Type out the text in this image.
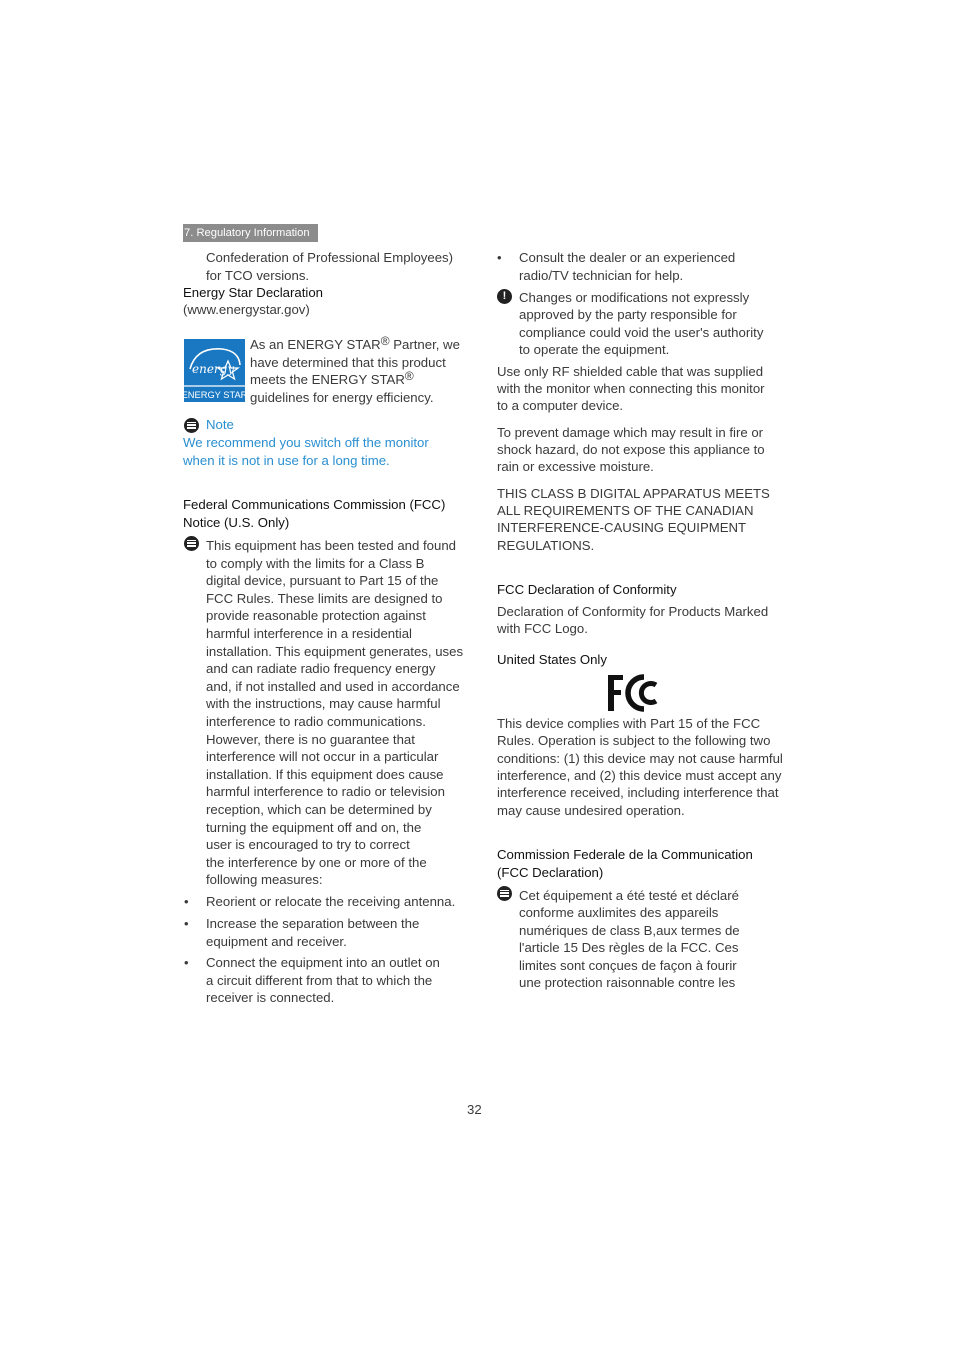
7. Regulatory Information
Confederation of Professional Employees)
for TCO versions.
Energy Star Declaration
(www.energystar.gov)
energy
ENERGY STAR
As an ENERGY STAR® Partner, we
have determined that this product
meets the ENERGY STAR®
guidelines for energy efficiency.
Note
We recommend you switch off the monitor
when it is not in use for a long time.
Federal Communications Commission (FCC)
Notice (U.S. Only)
This equipment has been tested and found
to comply with the limits for a Class B
digital device, pursuant to Part 15 of the
FCC Rules. These limits are designed to
provide reasonable protection against
harmful interference in a residential
installation. This equipment generates, uses
and can radiate radio frequency energy
and, if not installed and used in accordance
with the instructions, may cause harmful
interference to radio communications.
However, there is no guarantee that
interference will not occur in a particular
installation. If this equipment does cause
harmful interference to radio or television
reception, which can be determined by
turning the equipment off and on, the
user is encouraged to try to correct
the interference by one or more of the
following measures:
•	Reorient or relocate the receiving antenna.
•	Increase the separation between the
equipment and receiver.
•	Connect the equipment into an outlet on
a circuit different from that to which the
receiver is connected.
•	Consult the dealer or an experienced
radio/TV technician for help.
! Changes or modifications not expressly
approved by the party responsible for
compliance could void the user's authority
to operate the equipment.
Use only RF shielded cable that was supplied
with the monitor when connecting this monitor
to a computer device.
To prevent damage which may result in fire or
shock hazard, do not expose this appliance to
rain or excessive moisture.
THIS CLASS B DIGITAL APPARATUS MEETS
ALL REQUIREMENTS OF THE CANADIAN
INTERFERENCE-CAUSING EQUIPMENT
REGULATIONS.
FCC Declaration of Conformity
Declaration of Conformity for Products Marked
with FCC Logo.
United States Only
This device complies with Part 15 of the FCC
Rules. Operation is subject to the following two
conditions: (1) this device may not cause harmful
interference, and (2) this device must accept any
interference received, including interference that
may cause undesired operation.
Commission Federale de la Communication
(FCC Declaration)
Cet équipement a été testé et déclaré
conforme auxlimites des appareils
numériques de class B,aux termes de
l'article 15 Des règles de la FCC. Ces
limites sont conçues de façon à fourir
une protection raisonnable contre les
32
